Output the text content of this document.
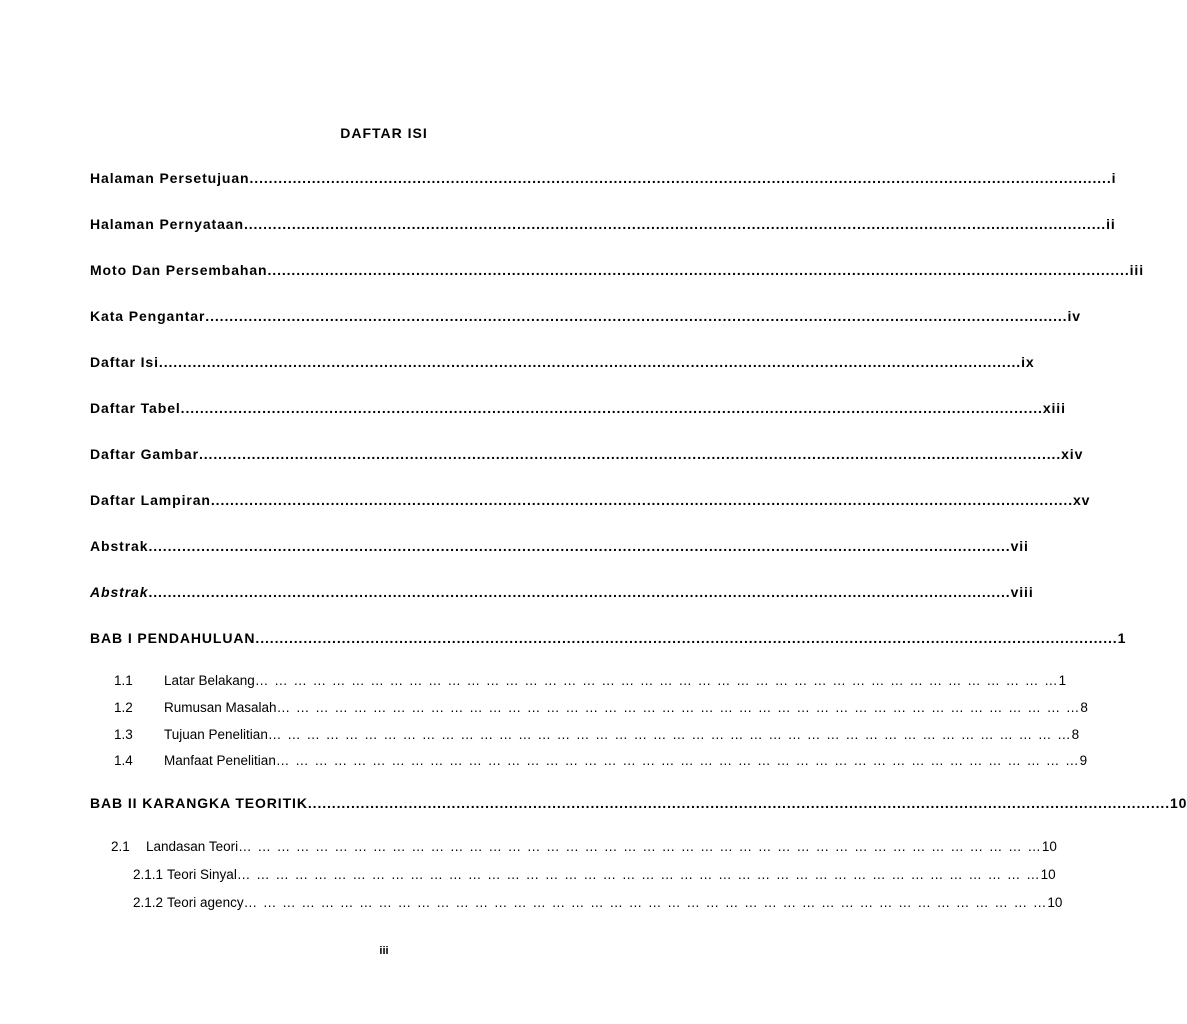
DAFTAR ISI
Halaman Persetujuan .................................................................................................................................................................................... i
Halaman Pernyataan .................................................................................................................................................................................... ii
Moto Dan Persembahan .................................................................................................................................................................................... iii
Kata Pengantar .................................................................................................................................................................................... iv
Daftar Isi .................................................................................................................................................................................... ix
Daftar Tabel .................................................................................................................................................................................... xiii
Daftar Gambar .................................................................................................................................................................................... xiv
Daftar Lampiran .................................................................................................................................................................................... xv
Abstrak .................................................................................................................................................................................... vii
Abstrak .................................................................................................................................................................................... viii
BAB I PENDAHULUAN .................................................................................................................................................................................... 1
1.1	Latar Belakang … … … … … … … … … … … … … … … … … … … … … … … … … … … … … … … … … … … … … … … … … … 1
1.2	Rumusan Masalah … … … … … … … … … … … … … … … … … … … … … … … … … … … … … … … … … … … … … … … … … … 8
1.3	Tujuan Penelitian … … … … … … … … … … … … … … … … … … … … … … … … … … … … … … … … … … … … … … … … … … 8
1.4	Manfaat Penelitian … … … … … … … … … … … … … … … … … … … … … … … … … … … … … … … … … … … … … … … … … … 9
BAB II KARANGKA TEORITIK .................................................................................................................................................................................... 10
2.1	Landasan Teori … … … … … … … … … … … … … … … … … … … … … … … … … … … … … … … … … … … … … … … … … … 10
2.1.1 Teori Sinyal … … … … … … … … … … … … … … … … … … … … … … … … … … … … … … … … … … … … … … … … … … 10
2.1.2 Teori agency … … … … … … … … … … … … … … … … … … … … … … … … … … … … … … … … … … … … … … … … … … 10
iii
